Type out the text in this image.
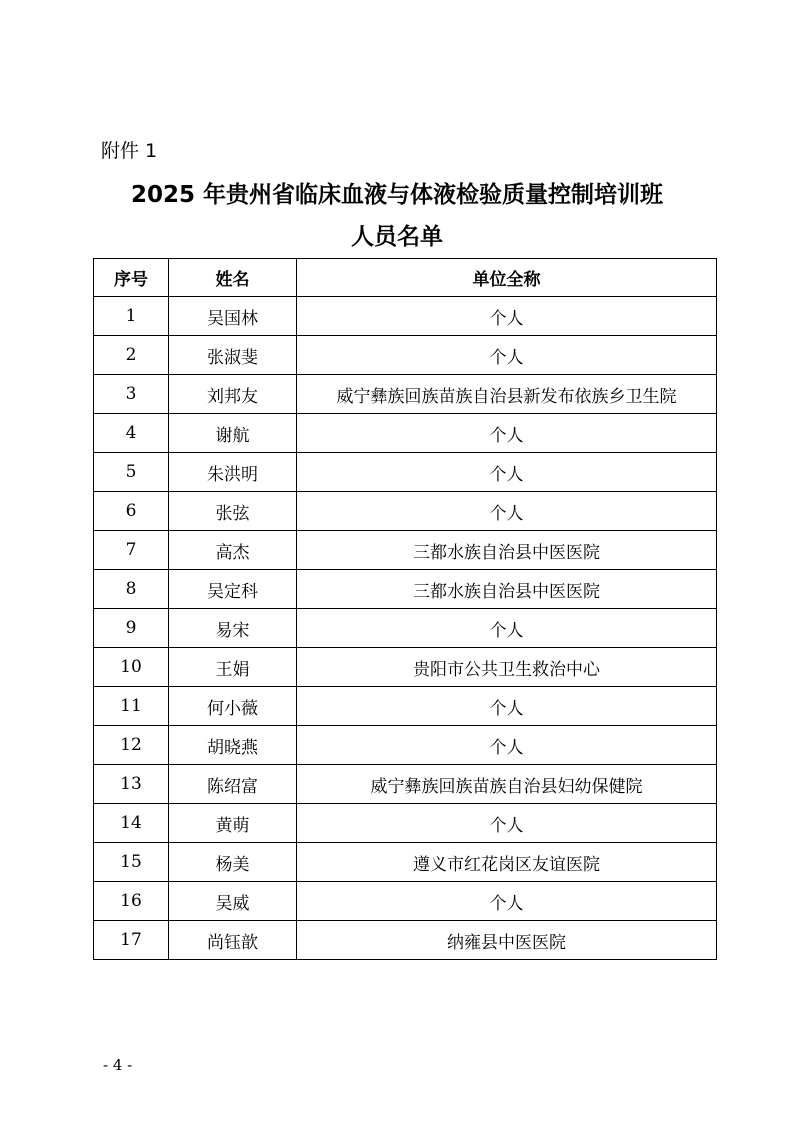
附件 1

2025 年贵州省临床血液与体液检验质量控制培训班
人员名单
序号	姓名	单位全称
1	吴国林	个人
2	张淑斐	个人
3	刘邦友	威宁彝族回族苗族自治县新发布依族乡卫生院
4	谢航	个人
5	朱洪明	个人
6	张弦	个人
7	高杰	三都水族自治县中医医院
8	吴定科	三都水族自治县中医医院
9	易宋	个人
10	王娟	贵阳市公共卫生救治中心
11	何小薇	个人
12	胡晓燕	个人
13	陈绍富	威宁彝族回族苗族自治县妇幼保健院
14	黄萌	个人
15	杨美	遵义市红花岗区友谊医院
16	吴威	个人
17	尚钰歆	纳雍县中医医院

- 4 -
